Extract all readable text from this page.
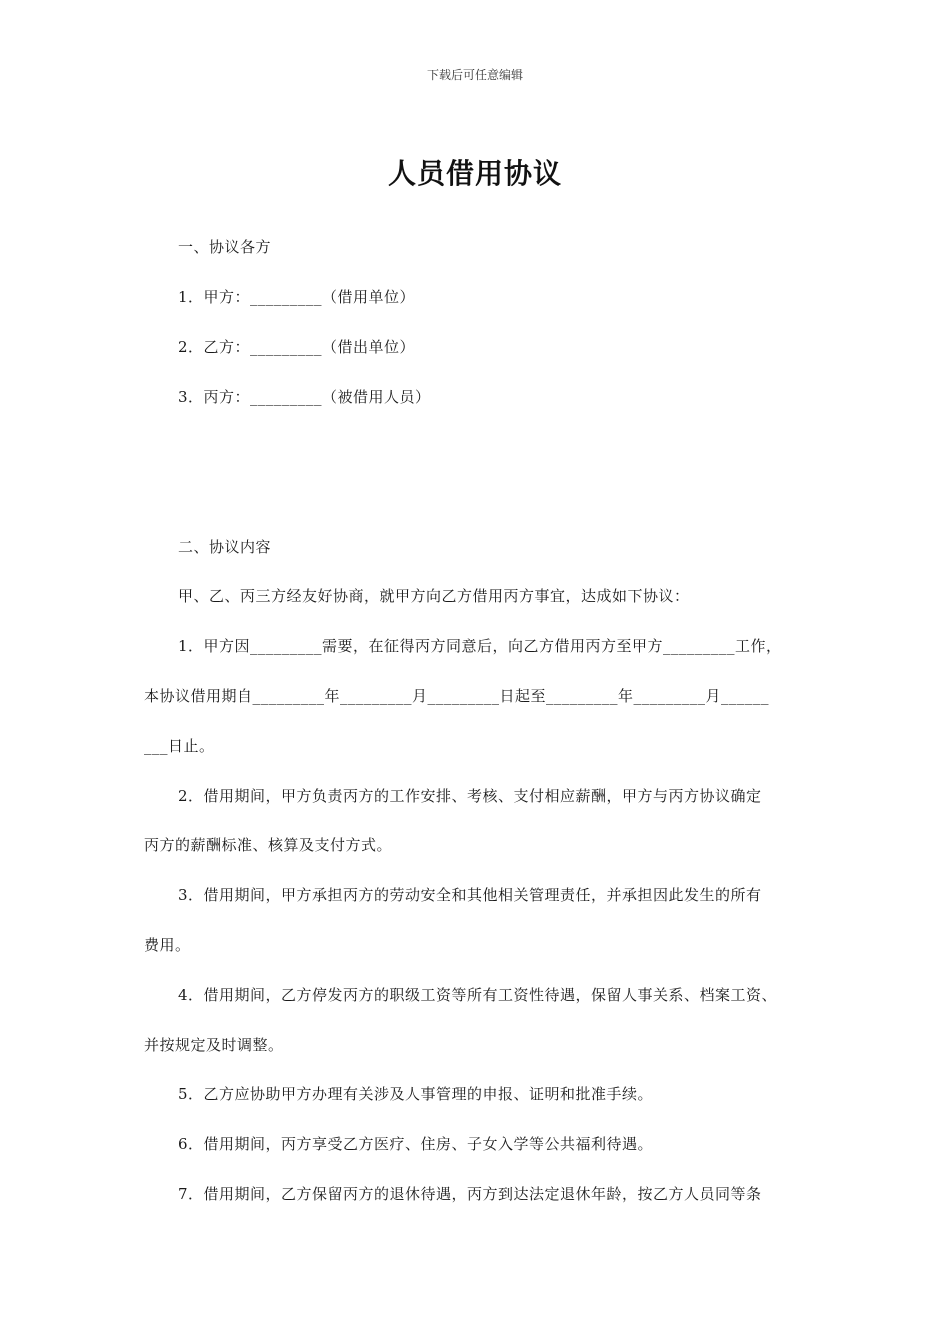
下载后可任意编辑
人员借用协议
一、协议各方
1．甲方：_________（借用单位）
2．乙方：_________（借出单位）
3．丙方：_________（被借用人员）
二、协议内容
甲、乙、丙三方经友好协商，就甲方向乙方借用丙方事宜，达成如下协议：
1．甲方因_________需要，在征得丙方同意后，向乙方借用丙方至甲方_________工作，
本协议借用期自_________年_________月_________日起至_________年_________月______
___日止。
2．借用期间，甲方负责丙方的工作安排、考核、支付相应薪酬，甲方与丙方协议确定
丙方的薪酬标准、核算及支付方式。
3．借用期间，甲方承担丙方的劳动安全和其他相关管理责任，并承担因此发生的所有
费用。
4．借用期间，乙方停发丙方的职级工资等所有工资性待遇，保留人事关系、档案工资、
并按规定及时调整。
5．乙方应协助甲方办理有关涉及人事管理的申报、证明和批准手续。
6．借用期间，丙方享受乙方医疗、住房、子女入学等公共福利待遇。
7．借用期间，乙方保留丙方的退休待遇，丙方到达法定退休年龄，按乙方人员同等条
